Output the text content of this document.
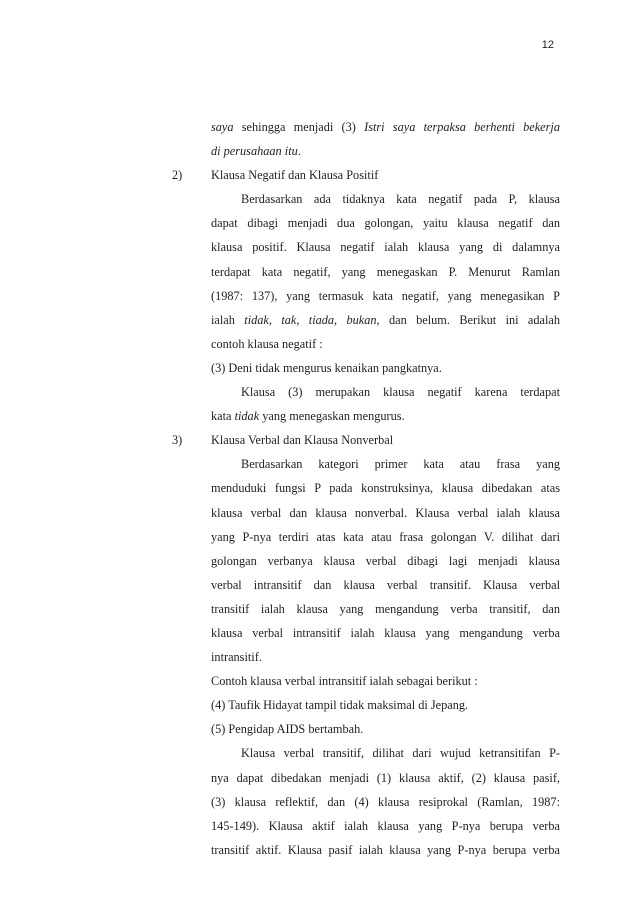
12
saya sehingga menjadi (3) Istri saya terpaksa berhenti bekerja
di perusahaan itu.
2) Klausa Negatif dan Klausa Positif
Berdasarkan ada tidaknya kata negatif pada P, klausa
dapat dibagi menjadi dua golongan, yaitu klausa negatif dan
klausa positif. Klausa negatif ialah klausa yang di dalamnya
terdapat kata negatif, yang menegaskan P. Menurut Ramlan
(1987: 137), yang termasuk kata negatif, yang menegasikan P
ialah tidak, tak, tiada, bukan, dan belum. Berikut ini adalah
contoh klausa negatif :
(3) Deni tidak mengurus kenaikan pangkatnya.
Klausa (3) merupakan klausa negatif karena terdapat
kata tidak yang menegaskan mengurus.
3) Klausa Verbal dan Klausa Nonverbal
Berdasarkan kategori primer kata atau frasa yang
menduduki fungsi P pada konstruksinya, klausa dibedakan atas
klausa verbal dan klausa nonverbal. Klausa verbal ialah klausa
yang P-nya terdiri atas kata atau frasa golongan V. dilihat dari
golongan verbanya klausa verbal dibagi lagi menjadi klausa
verbal intransitif dan klausa verbal transitif. Klausa verbal
transitif ialah klausa yang mengandung verba transitif, dan
klausa verbal intransitif ialah klausa yang mengandung verba
intransitif.
Contoh klausa verbal intransitif ialah sebagai berikut :
(4) Taufik Hidayat tampil tidak maksimal di Jepang.
(5) Pengidap AIDS bertambah.
Klausa verbal transitif, dilihat dari wujud ketransitifan P-
nya dapat dibedakan menjadi (1) klausa aktif, (2) klausa pasif,
(3) klausa reflektif, dan (4) klausa resiprokal (Ramlan, 1987:
145-149). Klausa aktif ialah klausa yang P-nya berupa verba
transitif aktif. Klausa pasif ialah klausa yang P-nya berupa verba
